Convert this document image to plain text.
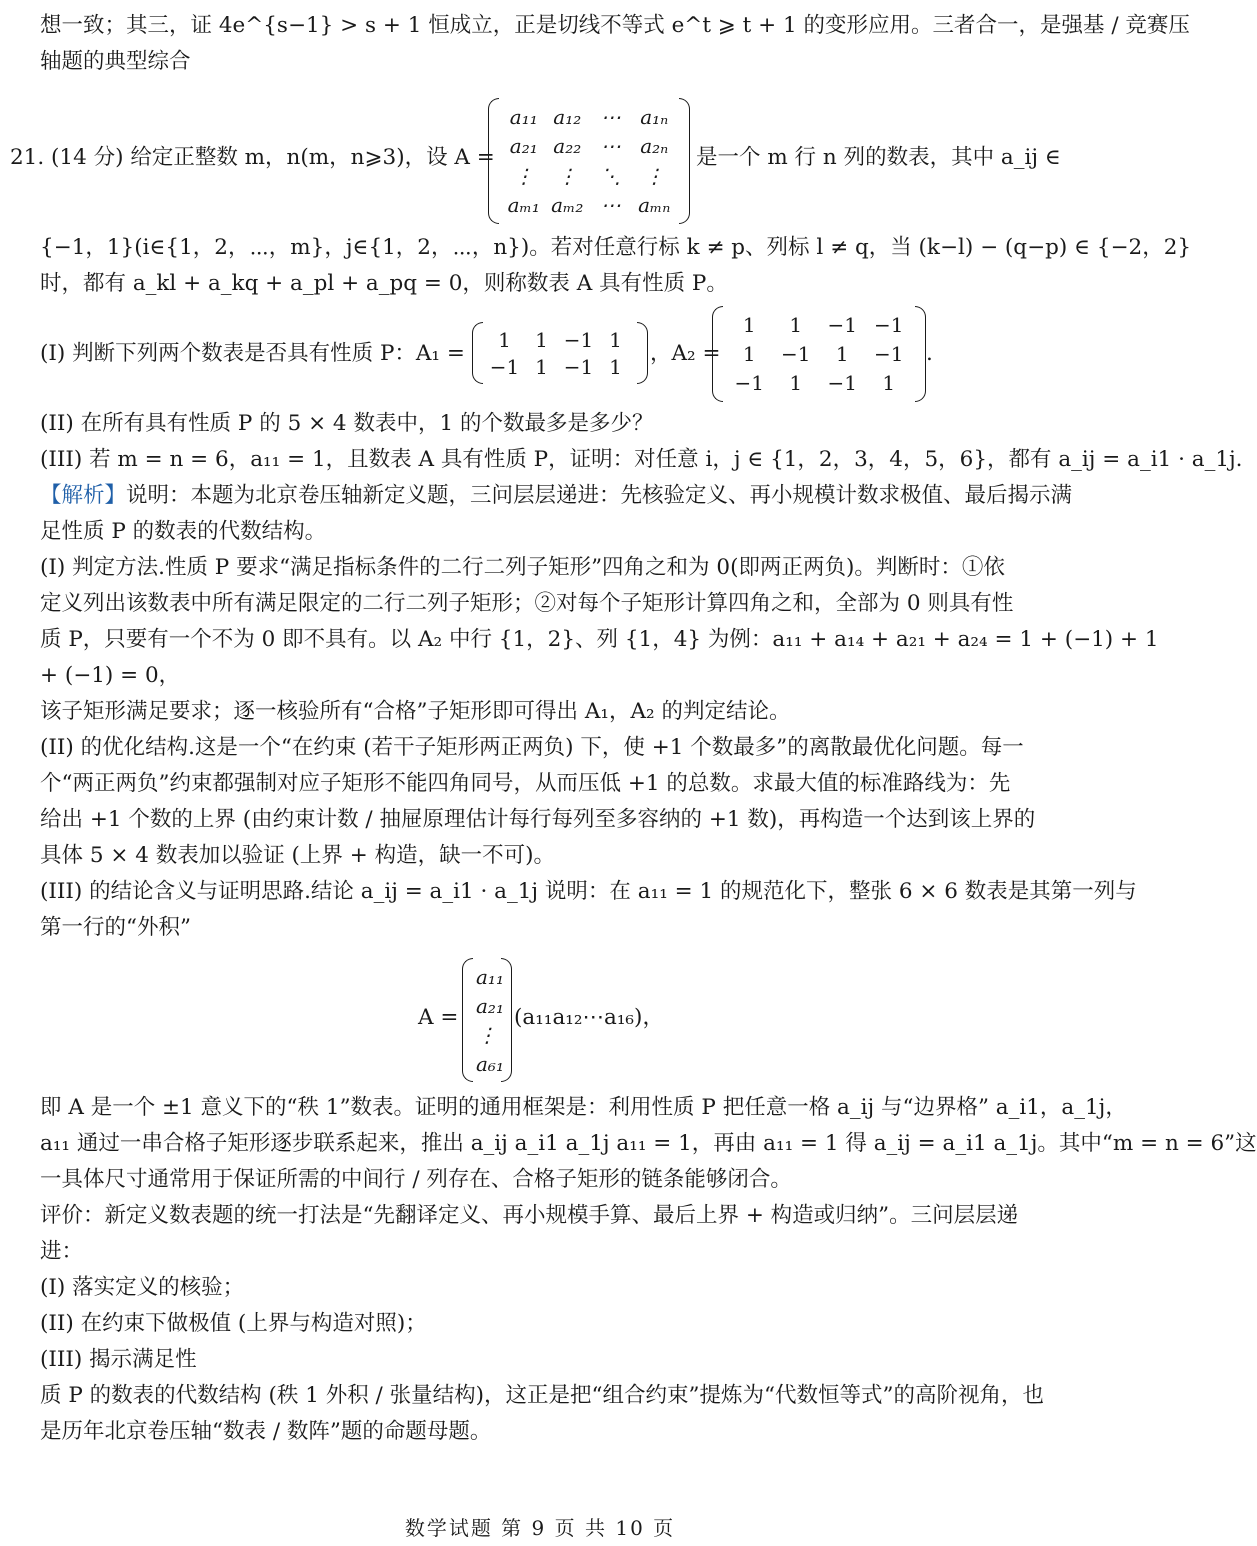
想一致；其三，证 4e^{s−1} > s + 1 恒成立，正是切线不等式 e^t ⩾ t + 1 的变形应用。三者合一，是强基 / 竞赛压
轴题的典型综合
21. (14 分) 给定正整数 m，n(m，n⩾3)，设 A =
a₁₁ a₁₂ ⋯ a₁ₙ
a₂₁ a₂₂ ⋯ a₂ₙ
⋮	⋮	⋱	⋮
aₘ₁ aₘ₂ ⋯ aₘₙ
是一个 m 行 n 列的数表，其中 a_ij ∈
{−1，1}(i∈{1，2，⋯，m}，j∈{1，2，⋯，n})。若对任意行标 k ≠ p、列标 l ≠ q，当 (k−l) − (q−p) ∈ {−2，2}
时，都有 a_kl + a_kq + a_pl + a_pq = 0，则称数表 A 具有性质 P。
(I) 判断下列两个数表是否具有性质 P：A₁ =
1	1 −1 1
−1 1 −1 1
，A₂ =
1	1	−1 −1
1	−1	1	−1
−1	1	−1	1
.
(II) 在所有具有性质 P 的 5 × 4 数表中，1 的个数最多是多少？
(III) 若 m = n = 6，a₁₁ = 1，且数表 A 具有性质 P，证明：对任意 i，j ∈ {1，2，3，4，5，6}，都有 a_ij = a_i1 · a_1j.
【解析】说明：本题为北京卷压轴新定义题，三问层层递进：先核验定义、再小规模计数求极值、最后揭示满
足性质 P 的数表的代数结构。
(I) 判定方法.性质 P 要求“满足指标条件的二行二列子矩形”四角之和为 0(即两正两负)。判断时：①依
定义列出该数表中所有满足限定的二行二列子矩形；②对每个子矩形计算四角之和，全部为 0 则具有性
质 P，只要有一个不为 0 即不具有。以 A₂ 中行 {1，2}、列 {1，4} 为例：a₁₁ + a₁₄ + a₂₁ + a₂₄ = 1 + (−1) + 1
+ (−1) = 0，
该子矩形满足要求；逐一核验所有“合格”子矩形即可得出 A₁，A₂ 的判定结论。
(II) 的优化结构.这是一个“在约束 (若干子矩形两正两负) 下，使 +1 个数最多”的离散最优化问题。每一
个“两正两负”约束都强制对应子矩形不能四角同号，从而压低 +1 的总数。求最大值的标准路线为：先
给出 +1 个数的上界 (由约束计数 / 抽屉原理估计每行每列至多容纳的 +1 数)，再构造一个达到该上界的
具体 5 × 4 数表加以验证 (上界 + 构造，缺一不可)。
(III) 的结论含义与证明思路.结论 a_ij = a_i1 · a_1j 说明：在 a₁₁ = 1 的规范化下，整张 6 × 6 数表是其第一列与
第一行的“外积”
A =
a₁₁
a₂₁
⋮
a₆₁
(a₁₁a₁₂⋯a₁₆)，
即 A 是一个 ±1 意义下的“秩 1”数表。证明的通用框架是：利用性质 P 把任意一格 a_ij 与“边界格” a_i1，a_1j，
a₁₁ 通过一串合格子矩形逐步联系起来，推出 a_ij a_i1 a_1j a₁₁ = 1，再由 a₁₁ = 1 得 a_ij = a_i1 a_1j。其中“m = n = 6”这
一具体尺寸通常用于保证所需的中间行 / 列存在、合格子矩形的链条能够闭合。
评价：新定义数表题的统一打法是“先翻译定义、再小规模手算、最后上界 + 构造或归纳”。三问层层递
进：
(I) 落实定义的核验；
(II) 在约束下做极值 (上界与构造对照)；
(III) 揭示满足性
质 P 的数表的代数结构 (秩 1 外积 / 张量结构)，这正是把“组合约束”提炼为“代数恒等式”的高阶视角，也
是历年北京卷压轴“数表 / 数阵”题的命题母题。
数学试题 第 9 页 共 10 页
